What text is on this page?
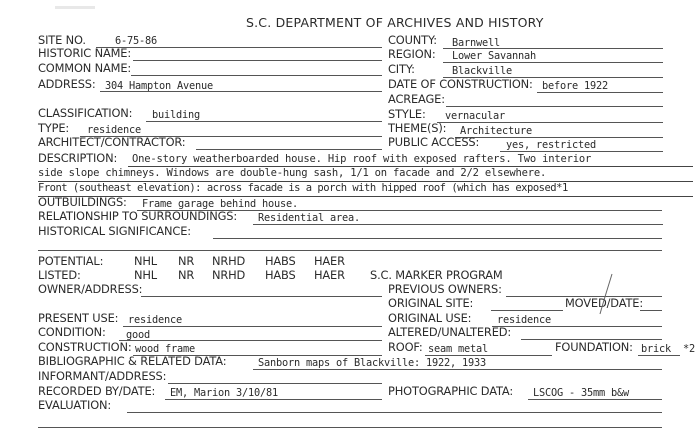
S.C. DEPARTMENT OF ARCHIVES AND HISTORY
SITE NO.	6-75-86	COUNTY: Barnwell
HISTORIC NAME:	REGION: Lower Savannah
COMMON NAME:	CITY:	Blackville
ADDRESS: 304 Hampton Avenue	DATE OF CONSTRUCTION: before 1922
ACREAGE:
CLASSIFICATION: building	STYLE: vernacular
TYPE: residence	THEME(S): Architecture
ARCHITECT/CONTRACTOR:	PUBLIC ACCESS:	yes, restricted
DESCRIPTION: One-story weatherboarded house. Hip roof with exposed rafters. Two interior
side slope chimneys. Windows are double-hung sash, 1/1 on facade and 2/2 elsewhere.
Front (southeast elevation): across facade is a porch with hipped roof (which has exposed*1
OUTBUILDINGS: Frame garage behind house.
RELATIONSHIP TO SURROUNDINGS: Residential area.
HISTORICAL SIGNIFICANCE:
POTENTIAL:	NHL NR NRHD HABS HAER
LISTED:	NHL NR NRHD HABS HAER S.C. MARKER PROGRAM
OWNER/ADDRESS:	PREVIOUS OWNERS:
ORIGINAL SITE:	MOVED/DATE:
PRESENT USE: residence	ORIGINAL USE: residence
CONDITION: good	ALTERED/UNALTERED:
CONSTRUCTION: wood frame	ROOF: seam metal	FOUNDATION: brick *2
BIBLIOGRAPHIC & RELATED DATA:	Sanborn maps of Blackville: 1922, 1933
INFORMANT/ADDRESS:
RECORDED BY/DATE: EM, Marion 3/10/81	PHOTOGRAPHIC DATA: LSCOG - 35mm b&w
EVALUATION:
